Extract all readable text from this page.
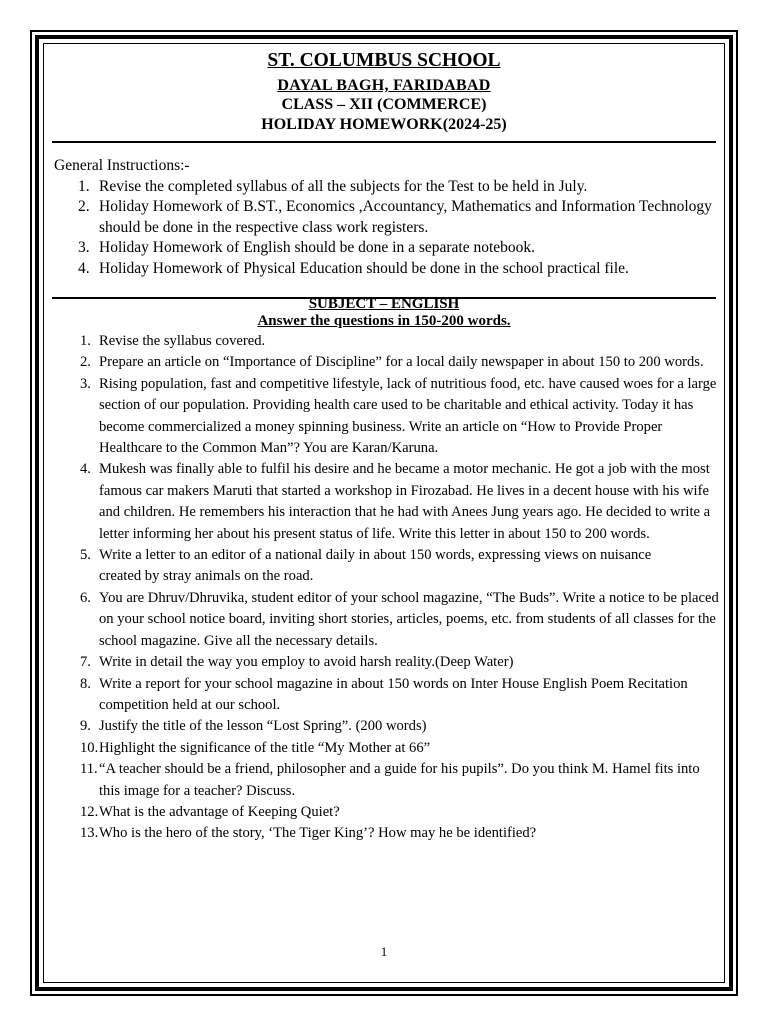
ST. COLUMBUS SCHOOL
DAYAL BAGH, FARIDABAD
CLASS – XII (COMMERCE)
HOLIDAY HOMEWORK(2024-25)
General Instructions:-
1. Revise the completed syllabus of all the subjects for the Test to be held in July.
2. Holiday Homework of B.ST., Economics ,Accountancy, Mathematics and Information Technology should be done in the respective class work registers.
3. Holiday Homework of English should be done in a separate notebook.
4. Holiday Homework of Physical Education should be done in the school practical file.
SUBJECT – ENGLISH
Answer the questions in 150-200 words.
1. Revise the syllabus covered.
2. Prepare an article on “Importance of Discipline” for a local daily newspaper in about 150 to 200 words.
3. Rising population, fast and competitive lifestyle, lack of nutritious food, etc. have caused woes for a large section of our population. Providing health care used to be charitable and ethical activity. Today it has become commercialized a money spinning business. Write an article on “How to Provide Proper Healthcare to the Common Man”? You are Karan/Karuna.
4. Mukesh was finally able to fulfil his desire and he became a motor mechanic. He got a job with the most famous car makers Maruti that started a workshop in Firozabad. He lives in a decent house with his wife and children. He remembers his interaction that he had with Anees Jung years ago. He decided to write a letter informing her about his present status of life. Write this letter in about 150 to 200 words.
5. Write a letter to an editor of a national daily in about 150 words, expressing views on nuisance
created by stray animals on the road.
6. You are Dhruv/Dhruvika, student editor of your school magazine, “The Buds”. Write a notice to be placed on your school notice board, inviting short stories, articles, poems, etc. from students of all classes for the school magazine. Give all the necessary details.
7. Write in detail the way you employ to avoid harsh reality.(Deep Water)
8. Write a report for your school magazine in about 150 words on Inter House English Poem Recitation competition held at our school.
9. Justify the title of the lesson “Lost Spring”. (200 words)
10. Highlight the significance of the title “My Mother at 66”
11. “A teacher should be a friend, philosopher and a guide for his pupils”. Do you think M. Hamel fits into this image for a teacher? Discuss.
12. What is the advantage of Keeping Quiet?
13. Who is the hero of the story, ‘The Tiger King’? How may he be identified?
1
